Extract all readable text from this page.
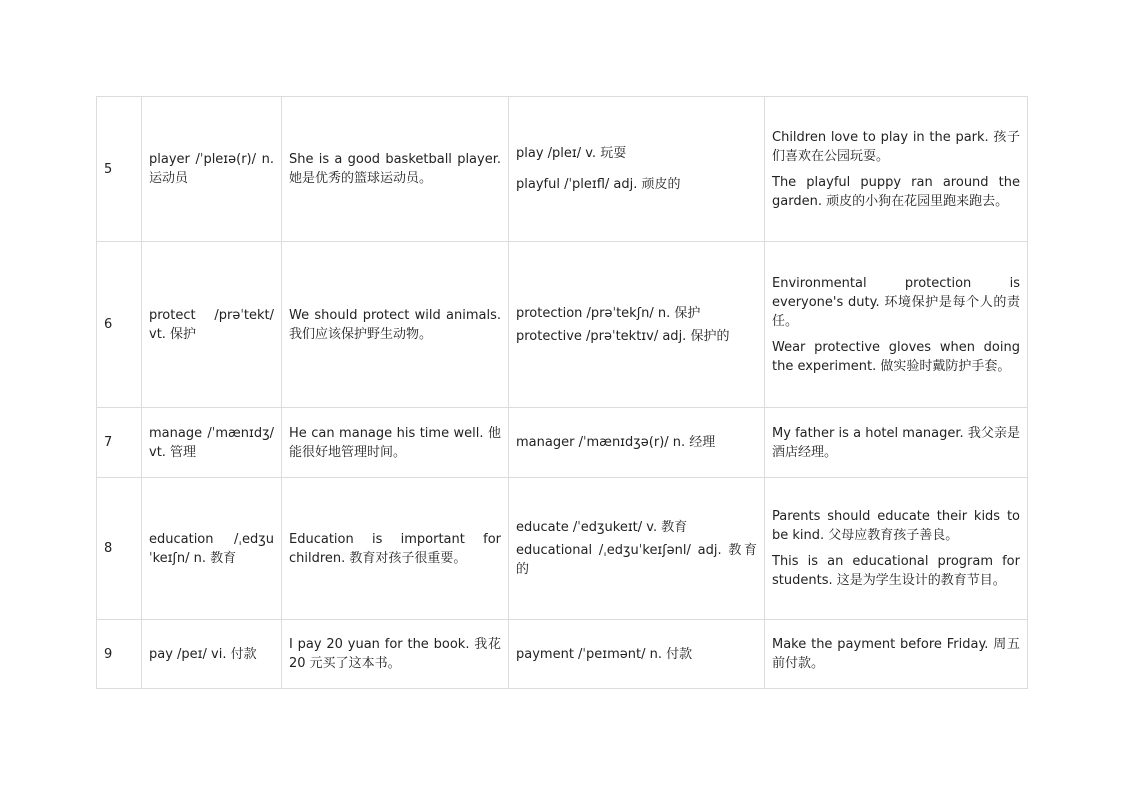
5	player /ˈpleɪə(r)/ n. 运动员	She is a good basketball player. 她是优秀的篮球运动员。	play /pleɪ/ v. 玩耍
playful /ˈpleɪfl/ adj. 顽皮的	Children love to play in the park. 孩子们喜欢在公园玩耍。
The playful puppy ran around the garden. 顽皮的小狗在花园里跑来跑去。

6	protect /prəˈtekt/ vt. 保护	We should protect wild animals. 我们应该保护野生动物。	protection /prəˈtekʃn/ n. 保护
protective /prəˈtektɪv/ adj. 保护的	Environmental protection is everyone's duty. 环境保护是每个人的责任。
Wear protective gloves when doing the experiment. 做实验时戴防护手套。

7	manage /ˈmænɪdʒ/ vt. 管理	He can manage his time well. 他能很好地管理时间。	manager /ˈmænɪdʒə(r)/ n. 经理	My father is a hotel manager. 我父亲是酒店经理。

8	education /ˌedʒuˈkeɪʃn/ n. 教育	Education is important for children. 教育对孩子很重要。	educate /ˈedʒukeɪt/ v. 教育
educational /ˌedʒuˈkeɪʃənl/ adj. 教育的	Parents should educate their kids to be kind. 父母应教育孩子善良。
This is an educational program for students. 这是为学生设计的教育节目。

9	pay /peɪ/ vi. 付款	I pay 20 yuan for the book. 我花 20 元买了这本书。	payment /ˈpeɪmənt/ n. 付款	Make the payment before Friday. 周五前付款。
